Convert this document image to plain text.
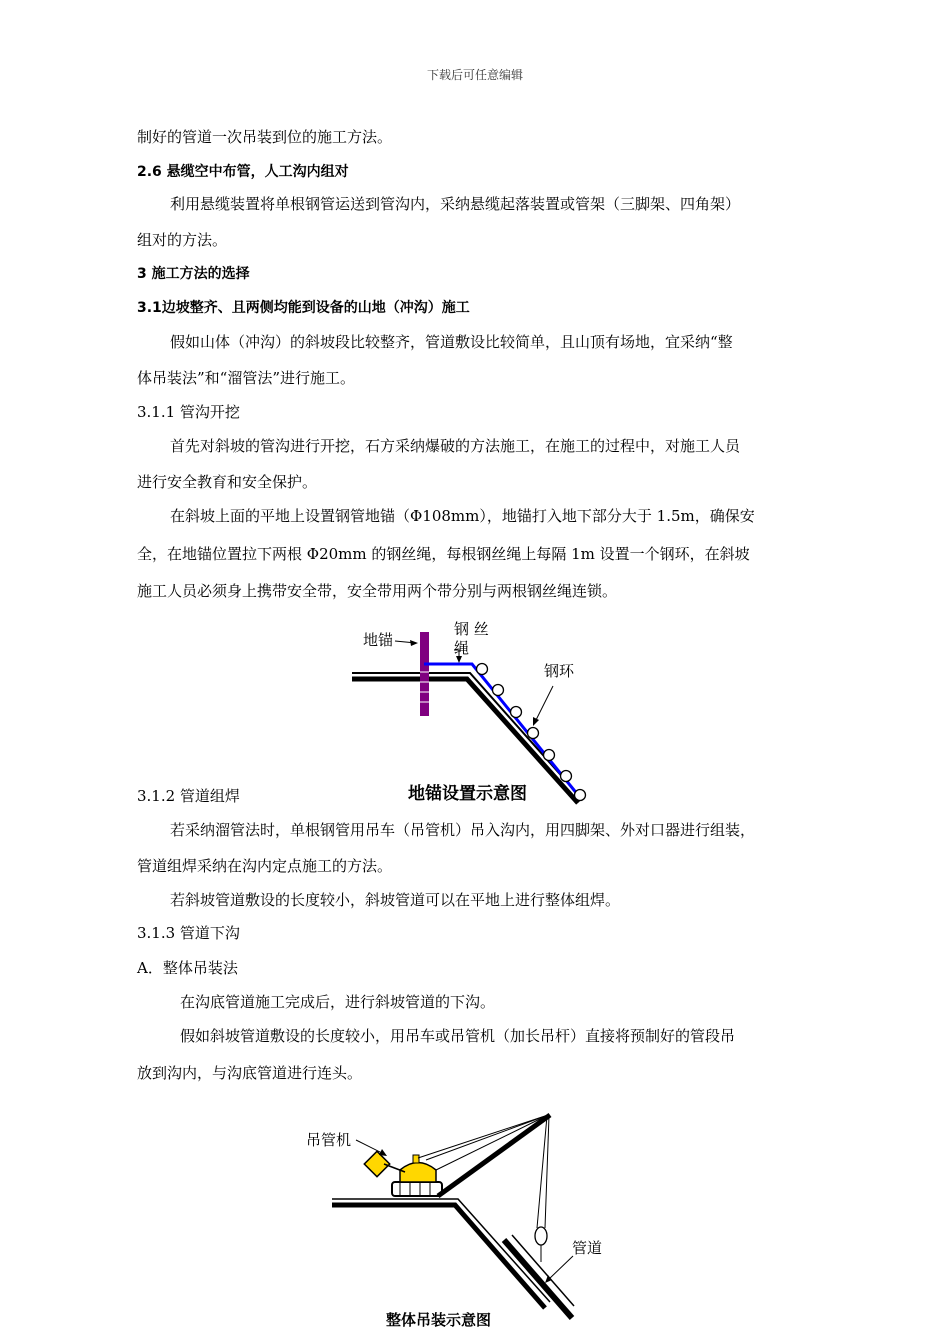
下载后可任意编辑
制好的管道一次吊装到位的施工方法。
2.6 悬缆空中布管，人工沟内组对
利用悬缆装置将单根钢管运送到管沟内，采纳悬缆起落装置或管架（三脚架、四角架）
组对的方法。
3 施工方法的选择
3.1边坡整齐、且两侧均能到设备的山地（冲沟）施工
假如山体（冲沟）的斜坡段比较整齐，管道敷设比较简单，且山顶有场地，宜采纳“整
体吊装法”和“溜管法”进行施工。
3.1.1 管沟开挖
首先对斜坡的管沟进行开挖，石方采纳爆破的方法施工，在施工的过程中，对施工人员
进行安全教育和安全保护。
在斜坡上面的平地上设置钢管地锚（Φ108mm），地锚打入地下部分大于 1.5m，确保安
全，在地锚位置拉下两根 Φ20mm 的钢丝绳，每根钢丝绳上每隔 1m 设置一个钢环，在斜坡
施工人员必须身上携带安全带，安全带用两个带分别与两根钢丝绳连锁。
3.1.2 管道组焊
若采纳溜管法时，单根钢管用吊车（吊管机）吊入沟内，用四脚架、外对口器进行组装，
管道组焊采纳在沟内定点施工的方法。
若斜坡管道敷设的长度较小，斜坡管道可以在平地上进行整体组焊。
3.1.3 管道下沟
A．整体吊装法
在沟底管道施工完成后，进行斜坡管道的下沟。
假如斜坡管道敷设的长度较小，用吊车或吊管机（加长吊杆）直接将预制好的管段吊
放到沟内，与沟底管道进行连头。
地锚
钢 丝
绳
钢环
地锚设置示意图
吊管机
管道
整体吊装示意图
